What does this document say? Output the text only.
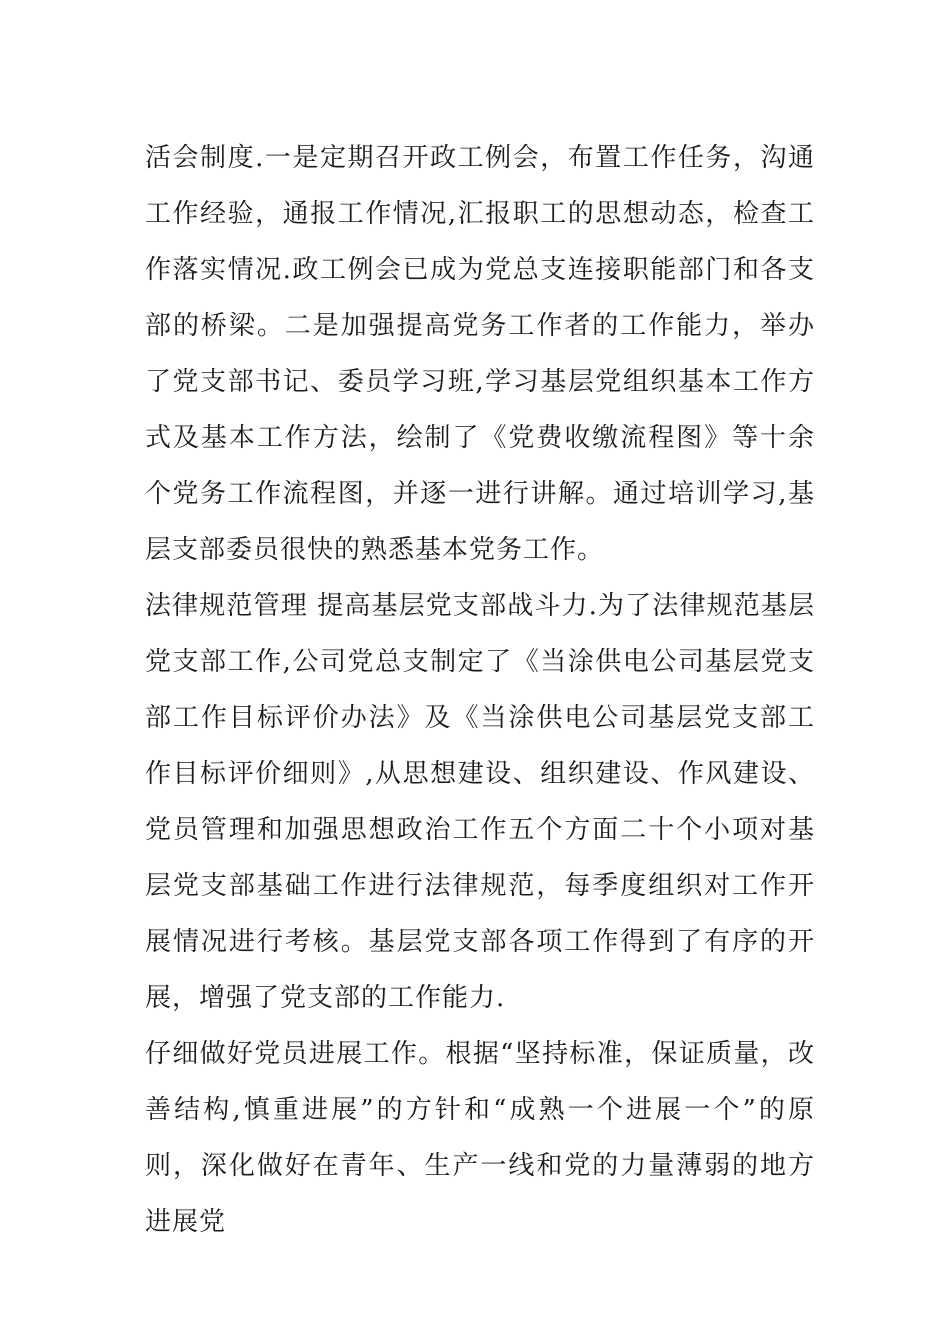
活会制度.一是定期召开政工例会，布置工作任务，沟通工作经验，通报工作情况,汇报职工的思想动态，检查工作落实情况.政工例会已成为党总支连接职能部门和各支部的桥梁。二是加强提高党务工作者的工作能力，举办了党支部书记、委员学习班,学习基层党组织基本工作方式及基本工作方法，绘制了《党费收缴流程图》等十余个党务工作流程图，并逐一进行讲解。通过培训学习,基层支部委员很快的熟悉基本党务工作。

法律规范管理 提高基层党支部战斗力.为了法律规范基层党支部工作,公司党总支制定了《当涂供电公司基层党支部工作目标评价办法》及《当涂供电公司基层党支部工作目标评价细则》,从思想建设、组织建设、作风建设、党员管理和加强思想政治工作五个方面二十个小项对基层党支部基础工作进行法律规范，每季度组织对工作开展情况进行考核。基层党支部各项工作得到了有序的开展，增强了党支部的工作能力.

仔细做好党员进展工作。根据“坚持标准，保证质量，改善结构,慎重进展”的方针和“成熟一个进展一个”的原则，深化做好在青年、生产一线和党的力量薄弱的地方进展党
